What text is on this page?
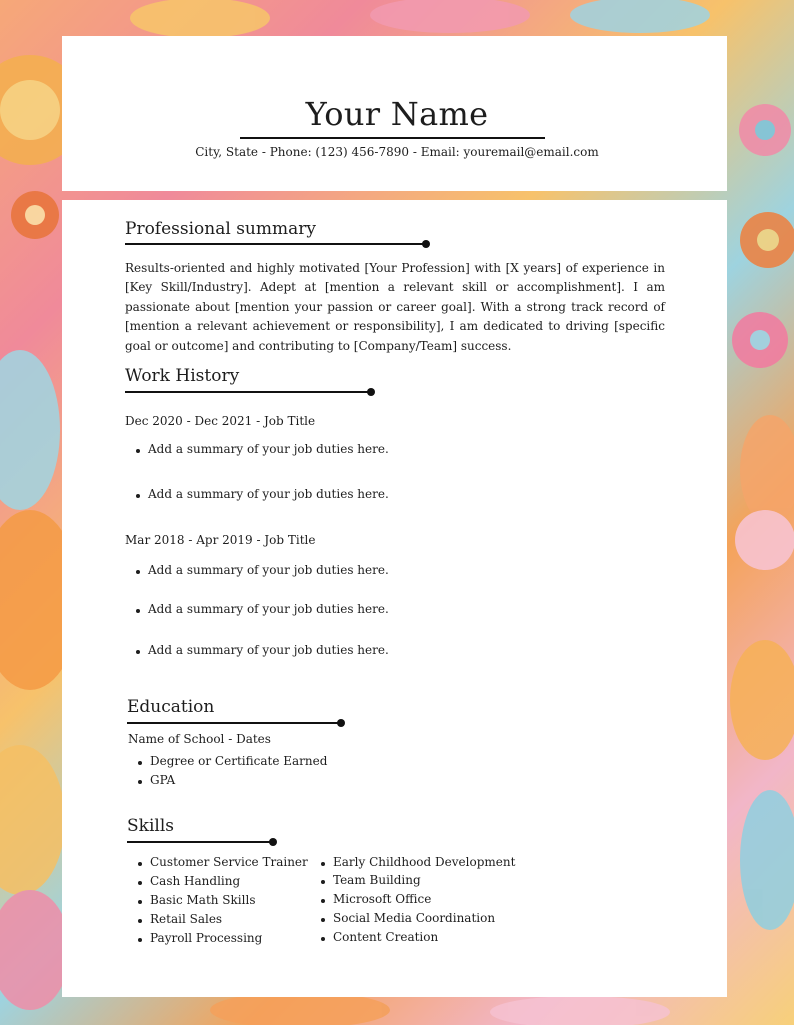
Your Name
City, State - Phone: (123) 456-7890 - Email: youremail@email.com
Professional summary
Results-oriented and highly motivated [Your Profession] with [X years] of experience in [Key Skill/Industry]. Adept at [mention a relevant skill or accomplishment]. I am passionate about [mention your passion or career goal]. With a strong track record of [mention a relevant achievement or responsibility], I am dedicated to driving [specific goal or outcome] and contributing to [Company/Team] success.
Work History
Dec 2020 - Dec 2021 - Job Title
Add a summary of your job duties here.
Add a summary of your job duties here.
Mar 2018 - Apr 2019 - Job Title
Add a summary of your job duties here.
Add a summary of your job duties here.
Add a summary of your job duties here.
Education
Name of School - Dates
Degree or Certificate Earned
GPA
Skills
Customer Service Trainer
Cash Handling
Basic Math Skills
Retail Sales
Payroll Processing
Early Childhood Development
Team Building
Microsoft Office
Social Media Coordination
Content Creation
